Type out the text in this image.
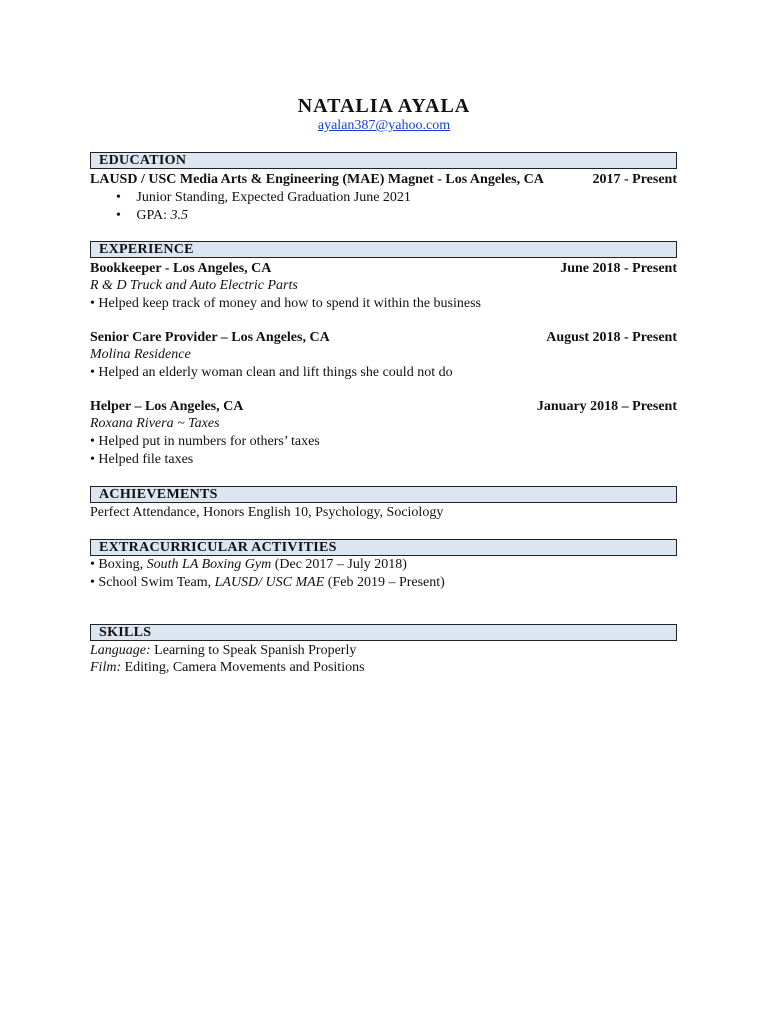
NATALIA AYALA
ayalan387@yahoo.com
EDUCATION
LAUSD / USC Media Arts & Engineering (MAE) Magnet - Los Angeles, CA	2017 - Present
• Junior Standing, Expected Graduation June 2021
• GPA: 3.5
EXPERIENCE
Bookkeeper - Los Angeles, CA	June 2018 - Present
R & D Truck and Auto Electric Parts
• Helped keep track of money and how to spend it within the business
Senior Care Provider – Los Angeles, CA	August 2018 - Present
Molina Residence
• Helped an elderly woman clean and lift things she could not do
Helper – Los Angeles, CA	January 2018 – Present
Roxana Rivera ~ Taxes
• Helped put in numbers for others’ taxes
• Helped file taxes
ACHIEVEMENTS
Perfect Attendance, Honors English 10, Psychology, Sociology
EXTRACURRICULAR ACTIVITIES
• Boxing, South LA Boxing Gym (Dec 2017 – July 2018)
• School Swim Team, LAUSD/ USC MAE (Feb 2019 – Present)
SKILLS
Language: Learning to Speak Spanish Properly
Film: Editing, Camera Movements and Positions
